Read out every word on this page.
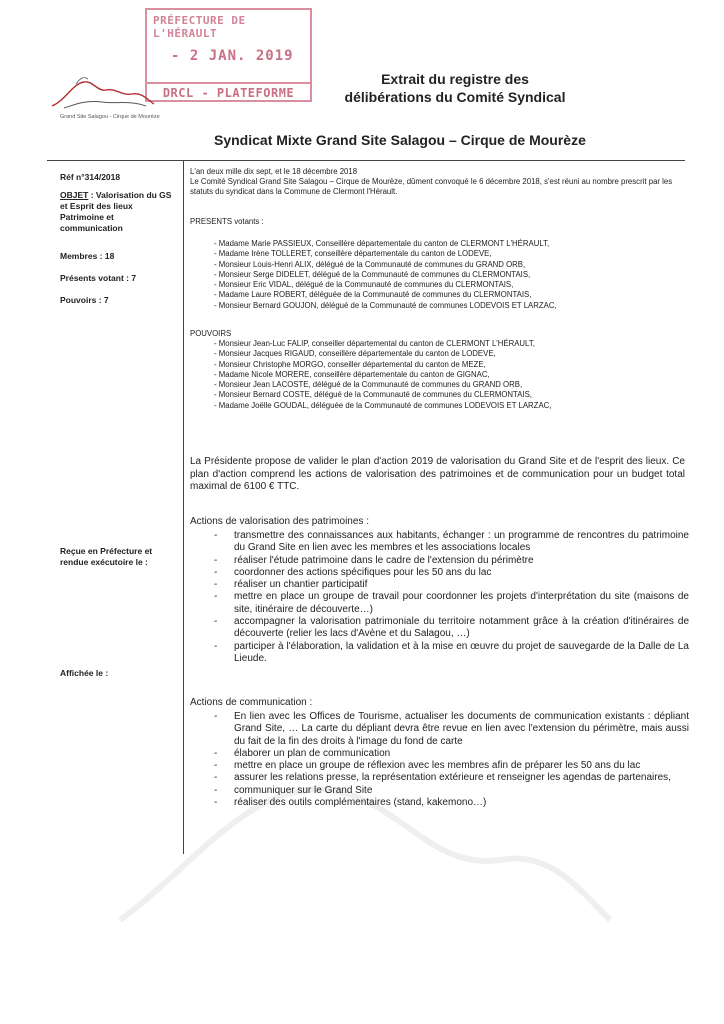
PRÉFECTURE DE L'HÉRAULT
- 2 JAN. 2019
DRCL - PLATEFORME
Grand Site Salagou - Cirque de Mourèze
Extrait du registre des
délibérations du Comité Syndical
Syndicat Mixte Grand Site Salagou – Cirque de Mourèze
Réf n°314/2018
OBJET : Valorisation du GS et Esprit des lieux Patrimoine et communication
Membres : 18
Présents votant : 7
Pouvoirs : 7
Reçue en Préfecture et rendue exécutoire le :
Affichée le :

L'an deux mille dix sept, et le 18 décembre 2018

Le Comité Syndical Grand Site Salagou – Cirque de Mourèze, dûment convoqué le 6 décembre 2018, s'est réuni au nombre prescrit par les statuts du syndicat dans la Commune de Clermont l'Hérault.

PRESENTS votants :
- Madame Marie PASSIEUX, Conseillère départementale du canton de CLERMONT L'HÉRAULT,
- Madame Irène TOLLERET, conseillère départementale du canton de LODEVE,
- Monsieur Louis-Henri ALIX, délégué de la Communauté de communes du GRAND ORB,
- Monsieur Serge DIDELET, délégué de la Communauté de communes du CLERMONTAIS,
- Monsieur Eric VIDAL, délégué de la Communauté de communes du CLERMONTAIS,
- Madame Laure ROBERT, déléguée de la Communauté de communes du CLERMONTAIS,
- Monsieur Bernard GOUJON, délégué de la Communauté de communes LODEVOIS ET LARZAC,
POUVOIRS
- Monsieur Jean-Luc FALIP, conseiller départemental du canton de CLERMONT L'HÉRAULT,
- Monsieur Jacques RIGAUD, conseillère départementale du canton de LODEVE,
- Monsieur Christophe MORGO, conseiller départemental du canton de MEZE,
- Madame Nicole MORERE, conseillère départementale du canton de GIGNAC,
- Monsieur Jean LACOSTE, délégué de la Communauté de communes du GRAND ORB,
- Monsieur Bernard COSTE, délégué de la Communauté de communes du CLERMONTAIS,
- Madame Joëlle GOUDAL, déléguée de la Communauté de communes LODEVOIS ET LARZAC,

La Présidente propose de valider le plan d'action 2019 de valorisation du Grand Site et de l'esprit des lieux. Ce plan d'action comprend les actions de valorisation des patrimoines et de communication pour un budget total maximal de 6100 € TTC.

Actions de valorisation des patrimoines :
- transmettre des connaissances aux habitants, échanger : un programme de rencontres du patrimoine du Grand Site en lien avec les membres et les associations locales
- réaliser l'étude patrimoine dans le cadre de l'extension du périmètre
- coordonner des actions spécifiques pour les 50 ans du lac
- réaliser un chantier participatif
- mettre en place un groupe de travail pour coordonner les projets d'interprétation du site (maisons de site, itinéraire de découverte…)
- accompagner la valorisation patrimoniale du territoire notamment grâce à la création d'itinéraires de découverte (relier les lacs d'Avène et du Salagou, …)
- participer à l'élaboration, la validation et à la mise en œuvre du projet de sauvegarde de la Dalle de La Lieude.
Actions de communication :
- En lien avec les Offices de Tourisme, actualiser les documents de communication existants : dépliant Grand Site, … La carte du dépliant devra être revue en lien avec l'extension du périmètre, mais aussi du fait de la fin des droits à l'image du fond de carte
- élaborer un plan de communication
- mettre en place un groupe de réflexion avec les membres afin de préparer les 50 ans du lac
- assurer les relations presse, la représentation extérieure et renseigner les agendas de partenaires,
- communiquer sur le Grand Site
- réaliser des outils complémentaires (stand, kakemono…)
